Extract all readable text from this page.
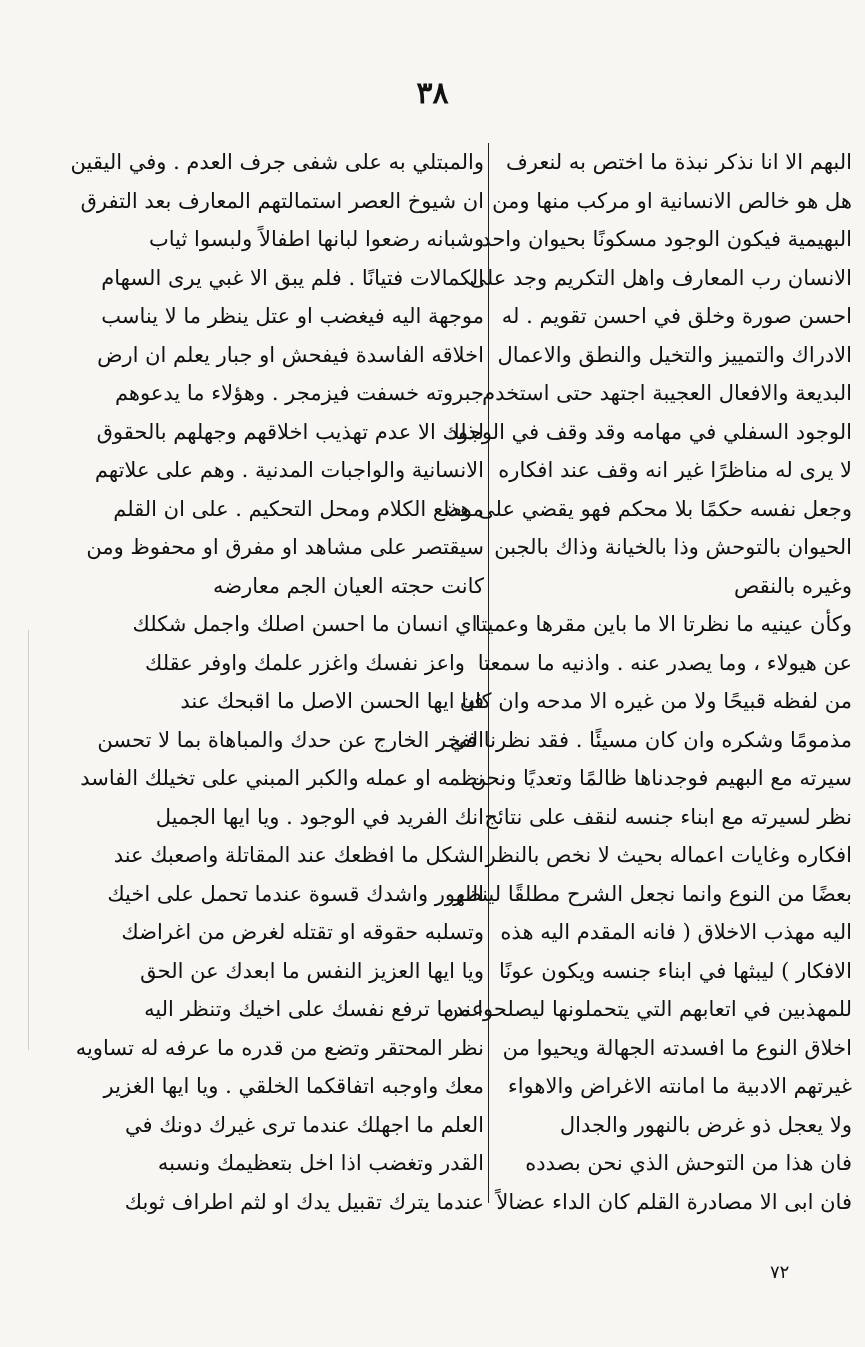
٣٨
البهم الا انا نذكر نبذة ما اختص به لنعرف
هل هو خالص الانسانية او مركب منها ومن
البهيمية فيكون الوجود مسكونًا بحيوان واحد
الانسان رب المعارف واهل التكريم وجد على
احسن صورة وخلق في احسن تقويم . له
الادراك والتمييز والتخيل والنطق والاعمال
البديعة والافعال العجيبة اجتهد حتى استخدم
الوجود السفلي في مهامه وقد وقف في الوجود
لا يرى له مناظرًا غير انه وقف عند افكاره
وجعل نفسه حكمًا بلا محكم فهو يقضي على هذا
الحيوان بالتوحش وذا بالخيانة وذاك بالجبن
وغيره بالنقص
وكأن عينيه ما نظرتا الا ما باين مقرها وعميتا
عن هيولاء ، وما يصدر عنه . واذنيه ما سمعتا
من لفظه قبيحًا ولا من غيره الا مدحه وان كان
مذمومًا وشكره وان كان مسيئًا . فقد نظرنا في
سيرته مع البهيم فوجدناها ظالمًا وتعديًا ونحن
نظر لسيرته مع ابناء جنسه لنقف على نتائج
افكاره وغايات اعماله بحيث لا نخص بالنظر
بعضًا من النوع وانما نجعل الشرح مطلقًا لينظر
اليه مهذب الاخلاق ( فانه المقدم اليه هذه
الافكار ) ليبثها في ابناء جنسه ويكون عونًا
للمهذبين في اتعابهم التي يتحملونها ليصلحوا من
اخلاق النوع ما افسدته الجهالة ويحيوا من
غيرتهم الادبية ما امانته الاغراض والاهواء
ولا يعجل ذو غرض بالنهور والجدال
فان هذا من التوحش الذي نحن بصدده
فان ابى الا مصادرة القلم كان الداء عضالاً
والمبتلي به على شفى جرف العدم . وفي اليقين
ان شيوخ العصر استمالتهم المعارف بعد التفرق
وشبانه رضعوا لبانها اطفالاً ولبسوا ثياب
الكمالات فتيانًا . فلم يبق الا غبي يرى السهام
موجهة اليه فيغضب او عتل ينظر ما لا يناسب
اخلاقه الفاسدة فيفحش او جبار يعلم ان ارض
جبروته خسفت فيزمجر . وهؤلاء ما يدعوهم
لذلك الا عدم تهذيب اخلاقهم وجهلهم بالحقوق
الانسانية والواجبات المدنية . وهم على علاتهم
موضع الكلام ومحل التحكيم . على ان القلم
سيقتصر على مشاهد او مفرق او محفوظ ومن
كانت حجته العيان الجم معارضه
اي انسان ما احسن اصلك واجمل شكلك
واعز نفسك واغزر علمك واوفر عقلك
فيا ايها الحسن الاصل ما اقبحك عند
الفخر الخارج عن حدك والمباهاة بما لا تحسن
نظمه او عمله والكبر المبني على تخيلك الفاسد
انك الفريد في الوجود . ويا ايها الجميل
الشكل ما افظعك عند المقاتلة واصعبك عند
النهور واشدك قسوة عندما تحمل على اخيك
وتسلبه حقوقه او تقتله لغرض من اغراضك
ويا ايها العزيز النفس ما ابعدك عن الحق
عندما ترفع نفسك على اخيك وتنظر اليه
نظر المحتقر وتضع من قدره ما عرفه له تساويه
معك واوجبه اتفاقكما الخلقي . ويا ايها الغزير
العلم ما اجهلك عندما ترى غيرك دونك في
القدر وتغضب اذا اخل بتعظيمك ونسبه
عندما يترك تقبيل يدك او لثم اطراف ثوبك
٧٢
